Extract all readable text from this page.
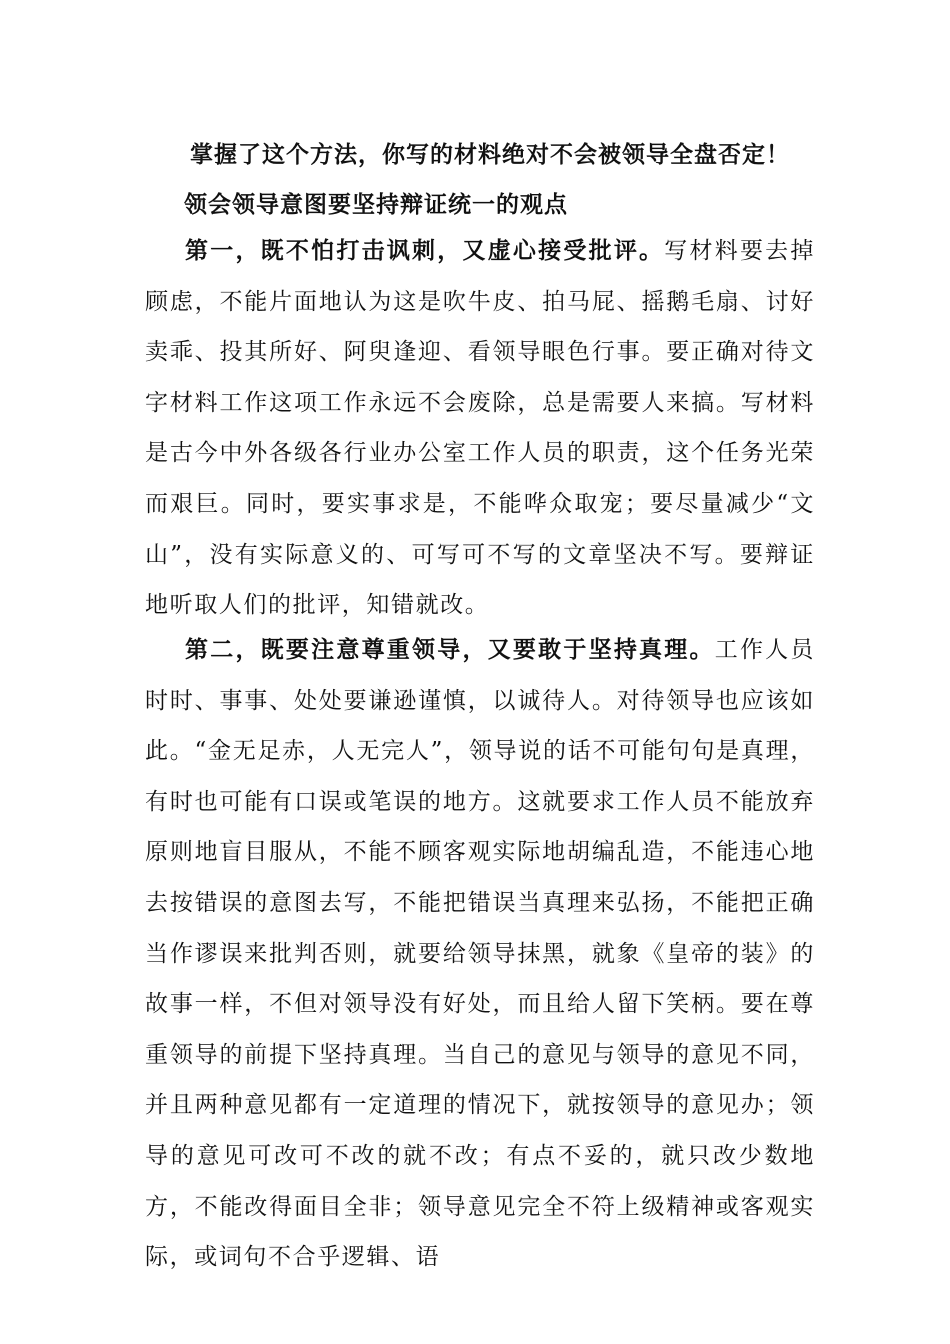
掌握了这个方法，你写的材料绝对不会被领导全盘否定！
领会领导意图要坚持辩证统一的观点

第一，既不怕打击讽刺，又虚心接受批评。写材料要去掉顾虑，不能片面地认为这是吹牛皮、拍马屁、摇鹅毛扇、讨好卖乖、投其所好、阿臾逢迎、看领导眼色行事。要正确对待文字材料工作这项工作永远不会废除，总是需要人来搞。写材料是古今中外各级各行业办公室工作人员的职责，这个任务光荣而艰巨。同时，要实事求是，不能哗众取宠；要尽量减少“文山”，没有实际意义的、可写可不写的文章坚决不写。要辩证地听取人们的批评，知错就改。

第二，既要注意尊重领导，又要敢于坚持真理。工作人员时时、事事、处处要谦逊谨慎，以诚待人。对待领导也应该如此。“金无足赤，人无完人”，领导说的话不可能句句是真理，有时也可能有口误或笔误的地方。这就要求工作人员不能放弃原则地盲目服从，不能不顾客观实际地胡编乱造，不能违心地去按错误的意图去写，不能把错误当真理来弘扬，不能把正确当作谬误来批判否则，就要给领导抹黑，就象《皇帝的装》的故事一样，不但对领导没有好处，而且给人留下笑柄。要在尊重领导的前提下坚持真理。当自己的意见与领导的意见不同，并且两种意见都有一定道理的情况下，就按领导的意见办；领导的意见可改可不改的就不改；有点不妥的，就只改少数地方，不能改得面目全非；领导意见完全不符上级精神或客观实际，或词句不合乎逻辑、语
